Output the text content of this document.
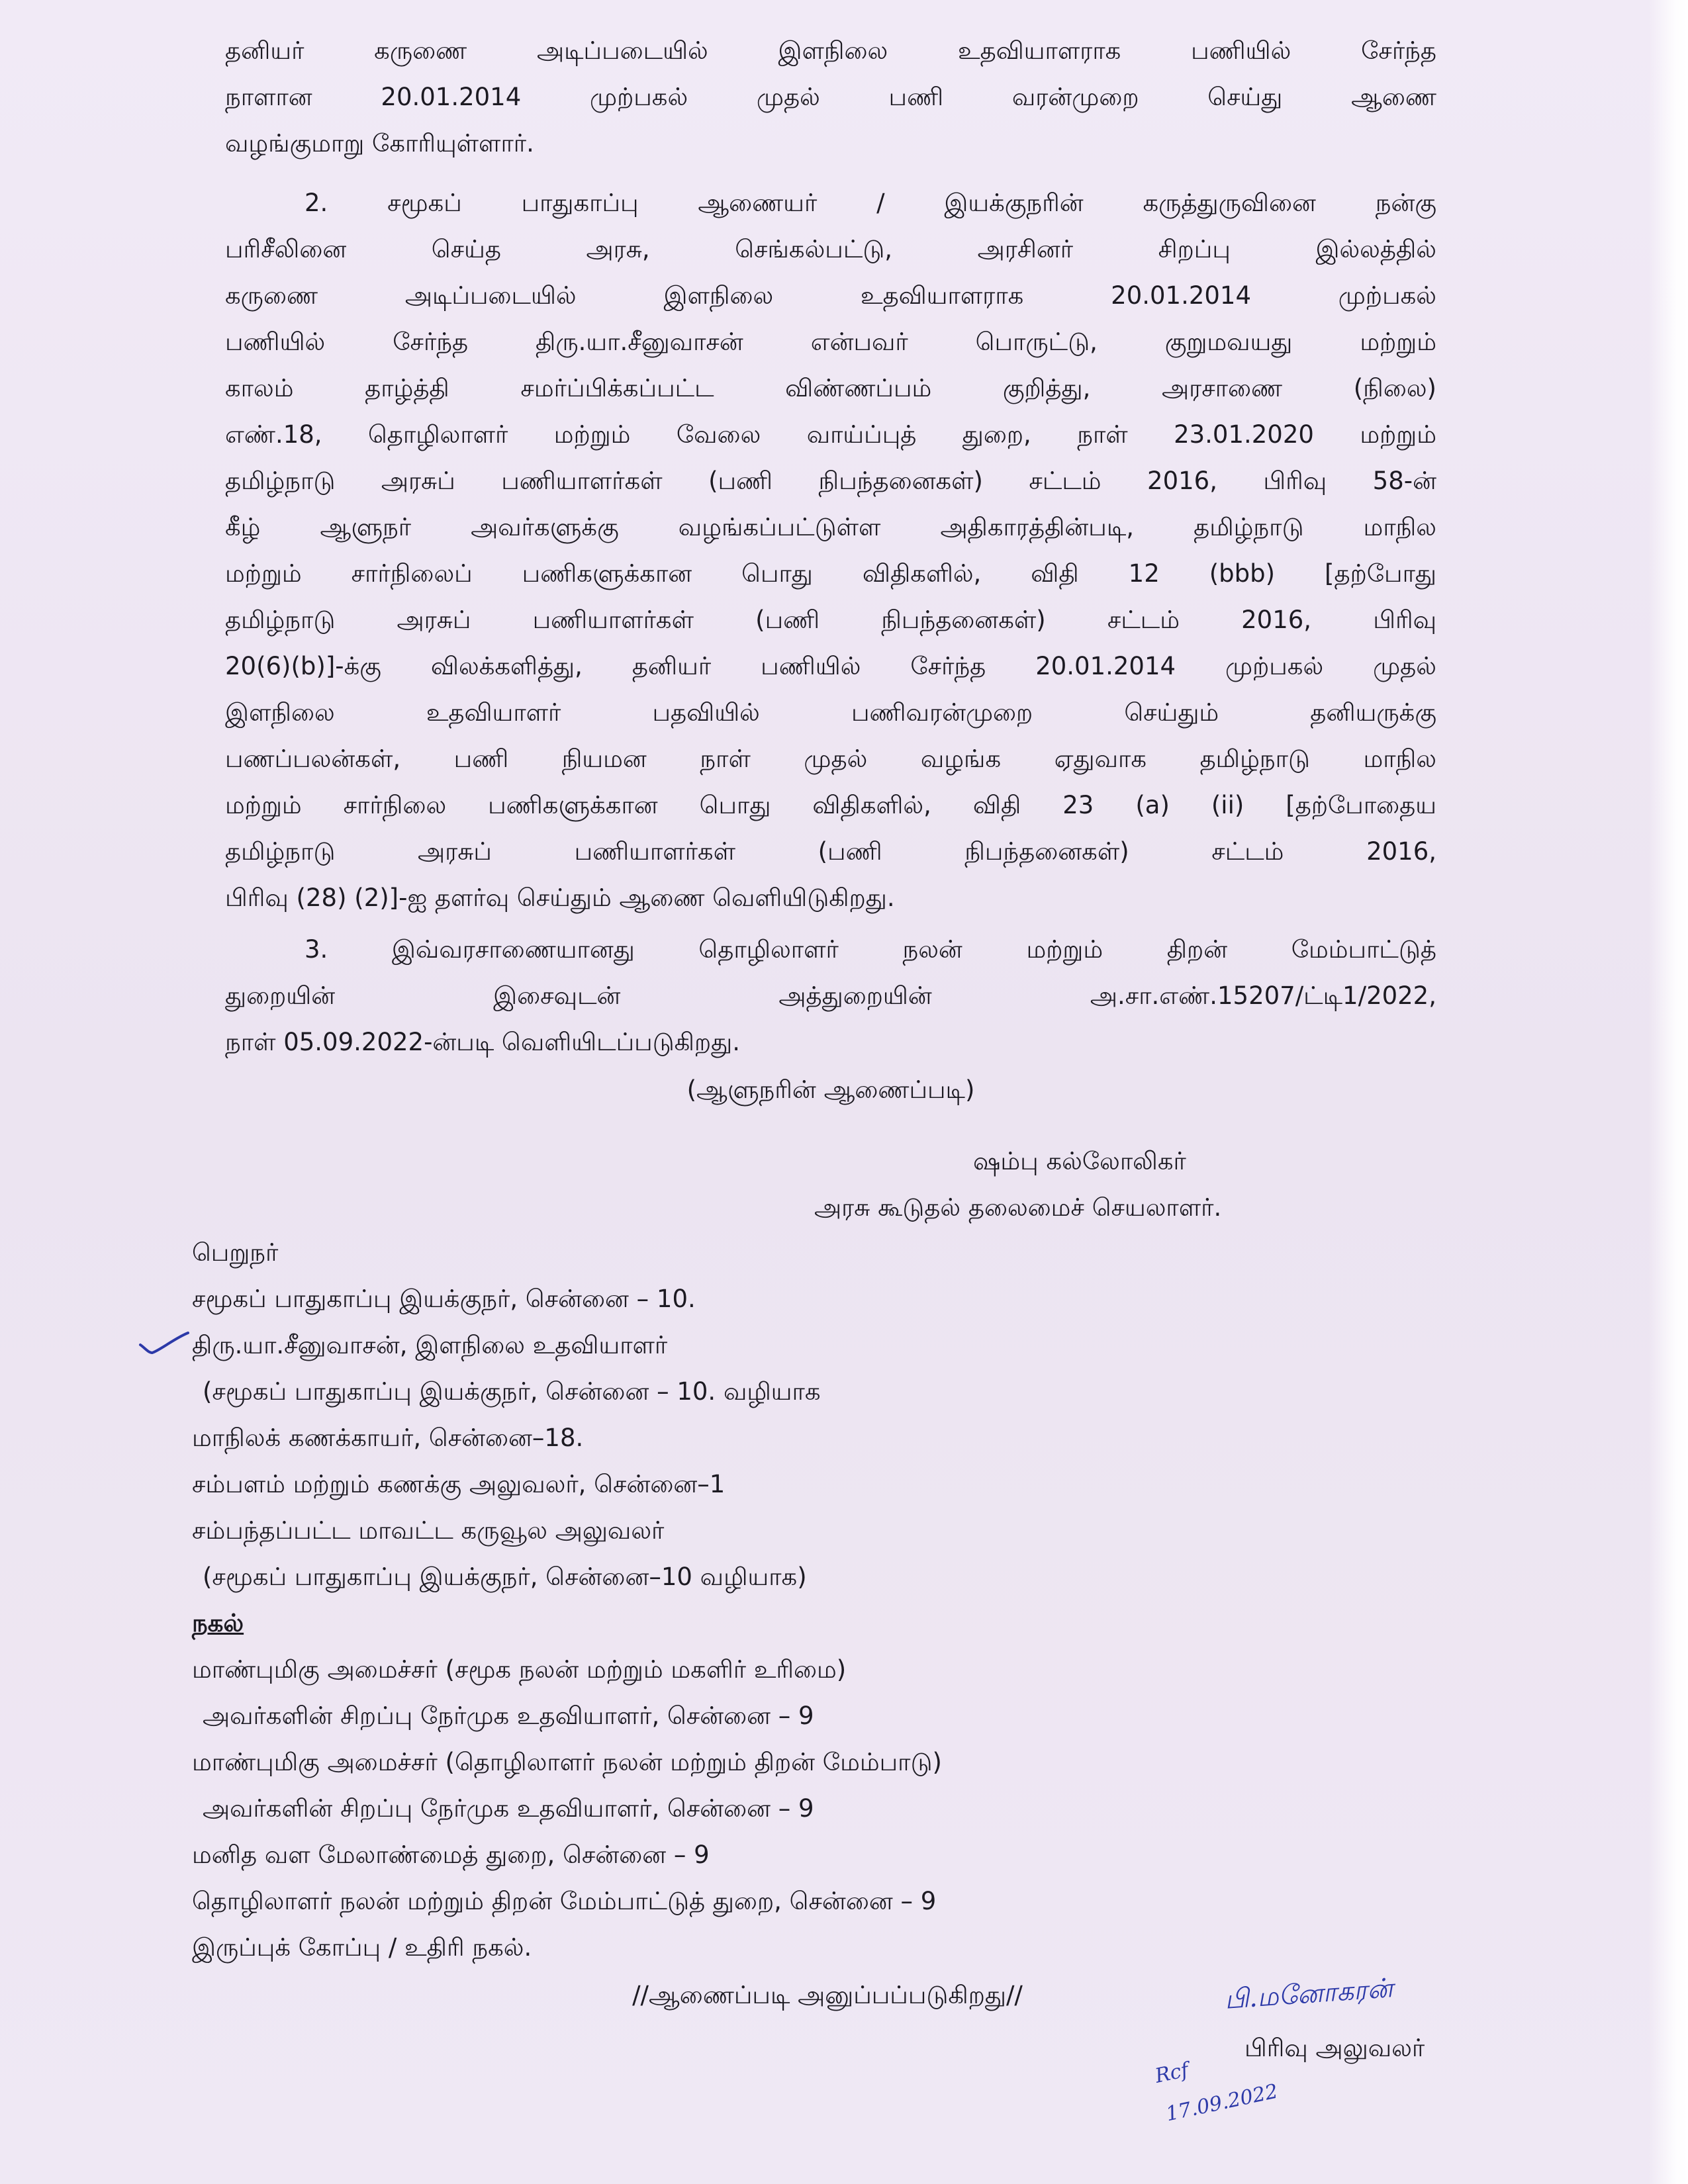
தனியர் கருணை அடிப்படையில் இளநிலை உதவியாளராக பணியில் சேர்ந்த
நாளான 20.01.2014 முற்பகல் முதல் பணி வரன்முறை செய்து ஆணை
வழங்குமாறு கோரியுள்ளார்.
2. சமூகப் பாதுகாப்பு ஆணையர் / இயக்குநரின் கருத்துருவினை நன்கு
பரிசீலினை செய்த அரசு, செங்கல்பட்டு, அரசினர் சிறப்பு இல்லத்தில்
கருணை அடிப்படையில் இளநிலை உதவியாளராக 20.01.2014 முற்பகல்
பணியில் சேர்ந்த திரு.யா.சீனுவாசன் என்பவர் பொருட்டு, குறுமவயது மற்றும்
காலம் தாழ்த்தி சமர்ப்பிக்கப்பட்ட விண்ணப்பம் குறித்து, அரசாணை (நிலை)
எண்.18, தொழிலாளர் மற்றும் வேலை வாய்ப்புத் துறை, நாள் 23.01.2020 மற்றும்
தமிழ்நாடு அரசுப் பணியாளர்கள் (பணி நிபந்தனைகள்) சட்டம் 2016, பிரிவு 58-ன்
கீழ் ஆளுநர் அவர்களுக்கு வழங்கப்பட்டுள்ள அதிகாரத்தின்படி, தமிழ்நாடு மாநில
மற்றும் சார்நிலைப் பணிகளுக்கான பொது விதிகளில், விதி 12 (bbb) [தற்போது
தமிழ்நாடு அரசுப் பணியாளர்கள் (பணி நிபந்தனைகள்) சட்டம் 2016, பிரிவு
20(6)(b)]-க்கு விலக்களித்து, தனியர் பணியில் சேர்ந்த 20.01.2014 முற்பகல் முதல்
இளநிலை உதவியாளர் பதவியில் பணிவரன்முறை செய்தும் தனியருக்கு
பணப்பலன்கள், பணி நியமன நாள் முதல் வழங்க ஏதுவாக தமிழ்நாடு மாநில
மற்றும் சார்நிலை பணிகளுக்கான பொது விதிகளில், விதி 23 (a) (ii) [தற்போதைய
தமிழ்நாடு அரசுப் பணியாளர்கள் (பணி நிபந்தனைகள்) சட்டம் 2016,
பிரிவு (28) (2)]-ஐ தளர்வு செய்தும் ஆணை வெளியிடுகிறது.
3. இவ்வரசாணையானது தொழிலாளர் நலன் மற்றும் திறன் மேம்பாட்டுத்
துறையின் இசைவுடன் அத்துறையின் அ.சா.எண்.15207/ட்டி1/2022,
நாள் 05.09.2022-ன்படி வெளியிடப்படுகிறது.
(ஆளுநரின் ஆணைப்படி)
ஷம்பு கல்லோலிகர்
அரசு கூடுதல் தலைமைச் செயலாளர்.
பெறுநர்
சமூகப் பாதுகாப்பு இயக்குநர், சென்னை – 10.
திரு.யா.சீனுவாசன், இளநிலை உதவியாளர்
(சமூகப் பாதுகாப்பு இயக்குநர், சென்னை – 10. வழியாக
மாநிலக் கணக்காயர், சென்னை–18.
சம்பளம் மற்றும் கணக்கு அலுவலர், சென்னை–1
சம்பந்தப்பட்ட மாவட்ட கருவூல அலுவலர்
(சமூகப் பாதுகாப்பு இயக்குநர், சென்னை–10 வழியாக)
நகல்
மாண்புமிகு அமைச்சர் (சமூக நலன் மற்றும் மகளிர் உரிமை)
அவர்களின் சிறப்பு நேர்முக உதவியாளர், சென்னை – 9
மாண்புமிகு அமைச்சர் (தொழிலாளர் நலன் மற்றும் திறன் மேம்பாடு)
அவர்களின் சிறப்பு நேர்முக உதவியாளர், சென்னை – 9
மனித வள மேலாண்மைத் துறை, சென்னை – 9
தொழிலாளர் நலன் மற்றும் திறன் மேம்பாட்டுத் துறை, சென்னை – 9
இருப்புக் கோப்பு / உதிரி நகல்.
//ஆணைப்படி அனுப்பப்படுகிறது//	பி.மனோகரன்
பிரிவு அலுவலர்
Rcf
17.09.2022
